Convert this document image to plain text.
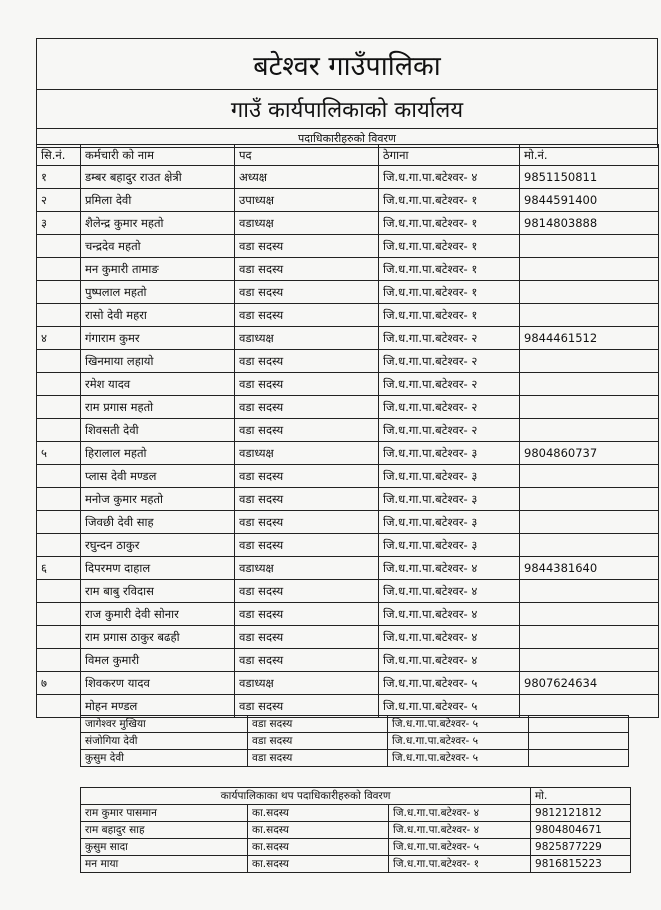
बटेश्वर गाउँपालिका
गाउँ कार्यपालिकाको कार्यालय
पदाधिकारीहरुको विवरण
सि.नं.	कर्मचारी को नाम	पद	ठेगाना	मो.नं.
१	डम्बर बहादुर राउत क्षेत्री	अध्यक्ष	जि.ध.गा.पा.बटेश्वर- ४	9851150811
२	प्रमिला देवी	उपाध्यक्ष	जि.ध.गा.पा.बटेश्वर- १	9844591400
३	शैलेन्द्र कुमार महतो	वडाध्यक्ष	जि.ध.गा.पा.बटेश्वर- १	9814803888
	चन्द्रदेव महतो	वडा सदस्य	जि.ध.गा.पा.बटेश्वर- १	
	मन कुमारी तामाङ	वडा सदस्य	जि.ध.गा.पा.बटेश्वर- १	
	पुष्पलाल महतो	वडा सदस्य	जि.ध.गा.पा.बटेश्वर- १	
	रासो देवी महरा	वडा सदस्य	जि.ध.गा.पा.बटेश्वर- १	
४	गंगाराम कुमर	वडाध्यक्ष	जि.ध.गा.पा.बटेश्वर- २	9844461512
	खिनमाया लहायो	वडा सदस्य	जि.ध.गा.पा.बटेश्वर- २	
	रमेश यादव	वडा सदस्य	जि.ध.गा.पा.बटेश्वर- २	
	राम प्रगास महतो	वडा सदस्य	जि.ध.गा.पा.बटेश्वर- २	
	शिवसती देवी	वडा सदस्य	जि.ध.गा.पा.बटेश्वर- २	
५	हिरालाल महतो	वडाध्यक्ष	जि.ध.गा.पा.बटेश्वर- ३	9804860737
	प्लास देवी मण्डल	वडा सदस्य	जि.ध.गा.पा.बटेश्वर- ३	
	मनोज कुमार महतो	वडा सदस्य	जि.ध.गा.पा.बटेश्वर- ३	
	जिवछी देवी साह	वडा सदस्य	जि.ध.गा.पा.बटेश्वर- ३	
	रघुन्दन ठाकुर	वडा सदस्य	जि.ध.गा.पा.बटेश्वर- ३	
६	दिपरमण दाहाल	वडाध्यक्ष	जि.ध.गा.पा.बटेश्वर- ४	9844381640
	राम बाबु रविदास	वडा सदस्य	जि.ध.गा.पा.बटेश्वर- ४	
	राज कुमारी देवी सोनार	वडा सदस्य	जि.ध.गा.पा.बटेश्वर- ४	
	राम प्रगास ठाकुर बढही	वडा सदस्य	जि.ध.गा.पा.बटेश्वर- ४	
	विमल कुमारी	वडा सदस्य	जि.ध.गा.पा.बटेश्वर- ४	
७	शिवकरण यादव	वडाध्यक्ष	जि.ध.गा.पा.बटेश्वर- ५	9807624634
	मोहन मण्डल	वडा सदस्य	जि.ध.गा.पा.बटेश्वर- ५	
जागेश्वर मुखिया	वडा सदस्य	जि.ध.गा.पा.बटेश्वर- ५	
संजोगिया देवी	वडा सदस्य	जि.ध.गा.पा.बटेश्वर- ५	
कुसुम देवी	वडा सदस्य	जि.ध.गा.पा.बटेश्वर- ५	
कार्यपालिकाका थप पदाधिकारीहरुको विवरण			मो.
राम कुमार पासमान	का.सदस्य	जि.ध.गा.पा.बटेश्वर- ४	9812121812
राम बहादुर साह	का.सदस्य	जि.ध.गा.पा.बटेश्वर- ४	9804804671
कुसुम सादा	का.सदस्य	जि.ध.गा.पा.बटेश्वर- ५	9825877229
मन माया	का.सदस्य	जि.ध.गा.पा.बटेश्वर- १	9816815223
